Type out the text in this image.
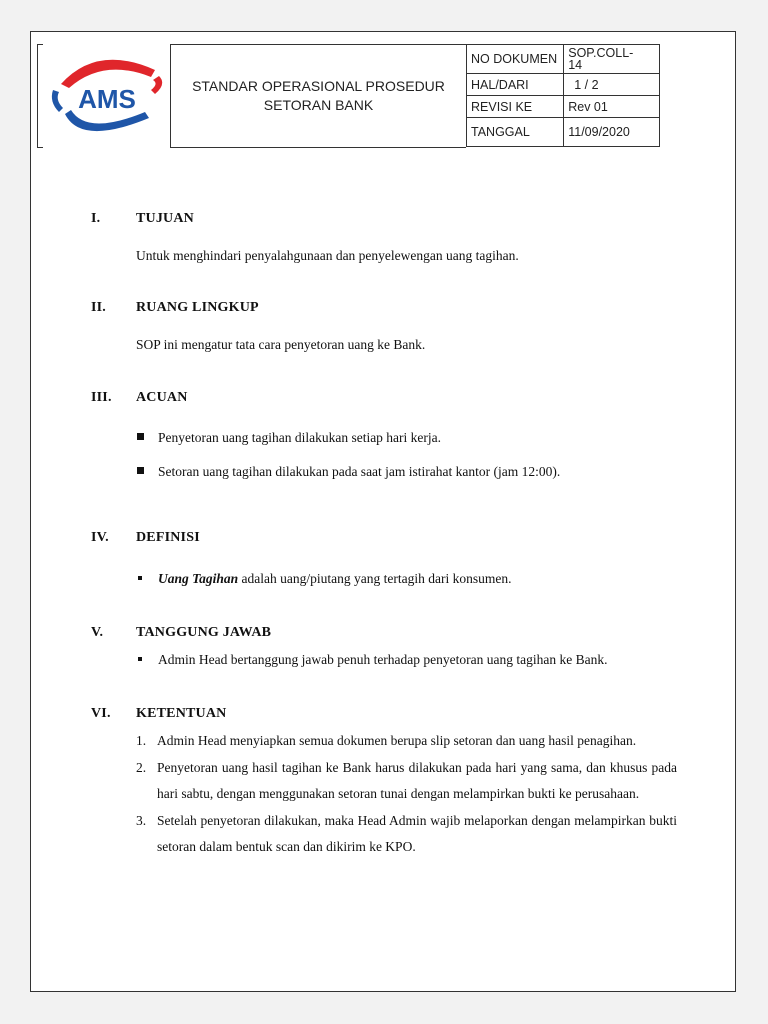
AMS	STANDAR OPERASIONAL PROSEDUR
SETORAN BANK
NO DOKUMEN	SOP.COLL-
14
HAL/DARI	1 / 2
REVISI KE	Rev 01
TANGGAL	11/09/2020
I.	TUJUAN
Untuk menghindari penyalahgunaan dan penyelewengan uang tagihan.
II. RUANG LINGKUP
SOP ini mengatur tata cara penyetoran uang ke Bank.
III. ACUAN
Penyetoran uang tagihan dilakukan setiap hari kerja.
Setoran uang tagihan dilakukan pada saat jam istirahat kantor (jam 12:00).
IV. DEFINISI
Uang Tagihan adalah uang/piutang yang tertagih dari konsumen.
V. TANGGUNG JAWAB
Admin Head bertanggung jawab penuh terhadap penyetoran uang tagihan ke Bank.
VI. KETENTUAN
1. Admin Head menyiapkan semua dokumen berupa slip setoran dan uang hasil penagihan.
2. Penyetoran uang hasil tagihan ke Bank harus dilakukan pada hari yang sama, dan khusus pada hari sabtu, dengan menggunakan setoran tunai dengan melampirkan bukti ke perusahaan.
3. Setelah penyetoran dilakukan, maka Head Admin wajib melaporkan dengan melampirkan bukti setoran dalam bentuk scan dan dikirim ke KPO.
